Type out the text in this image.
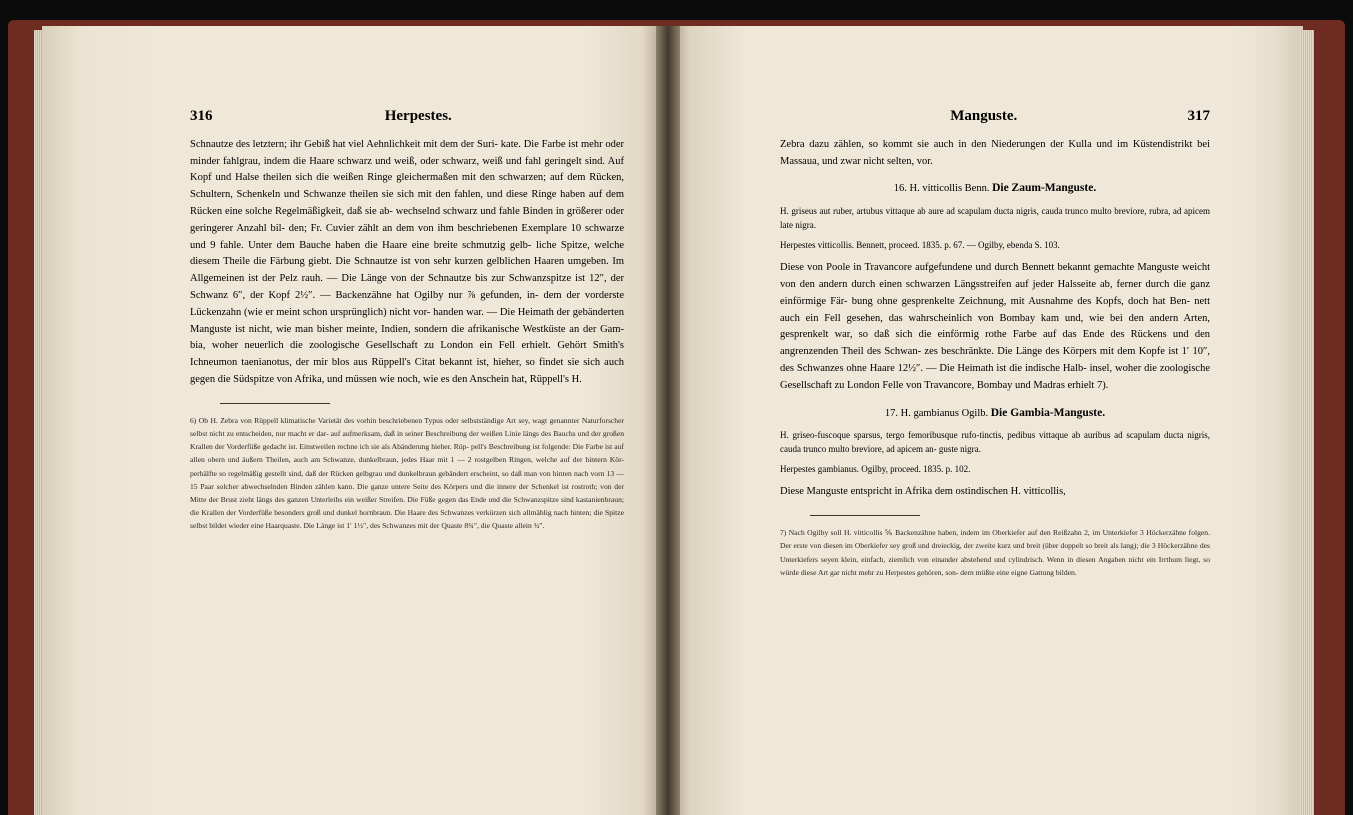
316	Herpestes.

Schnautze des letztern; ihr Gebiß hat viel Aehnlichkeit mit dem der Suri- kate. Die Farbe ist mehr oder minder fahlgrau, indem die Haare schwarz und weiß, oder schwarz, weiß und fahl geringelt sind. Auf Kopf und Halse theilen sich die weißen Ringe gleichermaßen mit den schwarzen; auf dem Rücken, Schultern, Schenkeln und Schwanze theilen sie sich mit den fahlen, und diese Ringe haben auf dem Rücken eine solche Regelmäßigkeit, daß sie ab- wechselnd schwarz und fahle Binden in größerer oder geringerer Anzahl bil- den; Fr. Cuvier zählt an dem von ihm beschriebenen Exemplare 10 schwarze und 9 fahle. Unter dem Bauche haben die Haare eine breite schmutzig gelb- liche Spitze, welche diesem Theile die Färbung giebt. Die Schnautze ist von sehr kurzen gelblichen Haaren umgeben. Im Allgemeinen ist der Pelz rauh. — Die Länge von der Schnautze bis zur Schwanzspitze ist 12″, der Schwanz 6″, der Kopf 2½″. — Backenzähne hat Ogilby nur ⅞ gefunden, in- dem der vorderste Lückenzahn (wie er meint schon ursprünglich) nicht vor- handen war. — Die Heimath der gebänderten Manguste ist nicht, wie man bisher meinte, Indien, sondern die afrikanische Westküste an der Gam- bia, woher neuerlich die zoologische Gesellschaft zu London ein Fell erhielt. Gehört Smith's Ichneumon taenianotus, der mir blos aus Rüppell's Citat bekannt ist, hieher, so findet sie sich auch gegen die Südspitze von Afrika, und müssen wie noch, wie es den Anschein hat, Rüppell's H.

6) Ob H. Zebra von Rüppell klimatische Varietät des vorhin beschriebenen Typus oder selbstständige Art sey, wagt genannter Naturforscher selbst nicht zu entscheiden, nur macht er dar- auf aufmerksam, daß in seiner Beschreibung der weißen Linie längs des Bauchs und der großen Krallen der Vorderfüße gedacht ist. Einstweilen rechne ich sie als Abänderung hieher. Rüp- pell's Beschreibung ist folgende: Die Farbe ist auf allen obern und äußern Theilen, auch am Schwanze, dunkelbraun, jedes Haar mit 1 — 2 rostgelben Ringen, welche auf der hintern Kör- perhälfte so regelmäßig gestellt sind, daß der Rücken gelbgrau und dunkelbraun gebändert erscheint, so daß man von hinten nach vorn 13 — 15 Paar solcher abwechselnden Binden zählen kann. Die ganze untere Seite des Körpers und die innere der Schenkel ist rostroth; von der Mitte der Brust zieht längs des ganzen Unterleibs ein weißer Streifen. Die Füße gegen das Ende und die Schwanzspitze sind kastanienbraun; die Krallen der Vorderfüße besonders groß und dunkel hornbraun. Die Haare des Schwanzes verkürzen sich allmählig nach hinten; die Spitze selbst bildet wieder eine Haarquaste. Die Länge ist 1′ 1½″, des Schwanzes mit der Quaste 8¾″, die Quaste allein ¾″.

Manguste.	317

Zebra dazu zählen, so kommt sie auch in den Niederungen der Kulla und im Küstendistrikt bei Massaua, und zwar nicht selten, vor.

16. H. vitticollis Benn. Die Zaum-Manguste.

H. griseus aut ruber, artubus vittaque ab aure ad scapulam ducta nigris, cauda trunco multo breviore, rubra, ad apicem late nigra.

Herpestes vitticollis. Bennett, proceed. 1835. p. 67. — Ogilby, ebenda S. 103.

Diese von Poole in Travancore aufgefundene und durch Bennett bekannt gemachte Manguste weicht von den andern durch einen schwarzen Längsstreifen auf jeder Halsseite ab, ferner durch die ganz einförmige Fär- bung ohne gesprenkelte Zeichnung, mit Ausnahme des Kopfs, doch hat Ben- nett auch ein Fell gesehen, das wahrscheinlich von Bombay kam und, wie bei den andern Arten, gesprenkelt war, so daß sich die einförmig rothe Farbe auf das Ende des Rückens und den angrenzenden Theil des Schwan- zes beschränkte. Die Länge des Körpers mit dem Kopfe ist 1′ 10″, des Schwanzes ohne Haare 12½″. — Die Heimath ist die indische Halb- insel, woher die zoologische Gesellschaft zu London Felle von Travancore, Bombay und Madras erhielt 7).

17. H. gambianus Ogilb. Die Gambia-Manguste.

H. griseo-fuscoque sparsus, tergo femoribusque rufo-tinctis, pedibus vittaque ab auribus ad scapulam ducta nigris, cauda trunco multo breviore, ad apicem an- guste nigra.

Herpestes gambianus. Ogilby, proceed. 1835. p. 102.

Diese Manguste entspricht in Afrika dem ostindischen H. vitticollis,

7) Nach Ogilby soll H. vitticollis ⅚ Backenzähne haben, indem im Oberkiefer auf den Reißzahn 2, im Unterkiefer 3 Höckerzähne folgen. Der erste von diesen im Oberkiefer sey groß und dreieckig, der zweite kurz und breit (über doppelt so breit als lang); die 3 Höckerzähne des Unterkiefers seyen klein, einfach, ziemlich von einander abstehend und cylindrisch. Wenn in diesen Angaben nicht ein Irrthum liegt, so würde diese Art gar nicht mehr zu Herpestes gehören, son- dern müßte eine eigne Gattung bilden.
